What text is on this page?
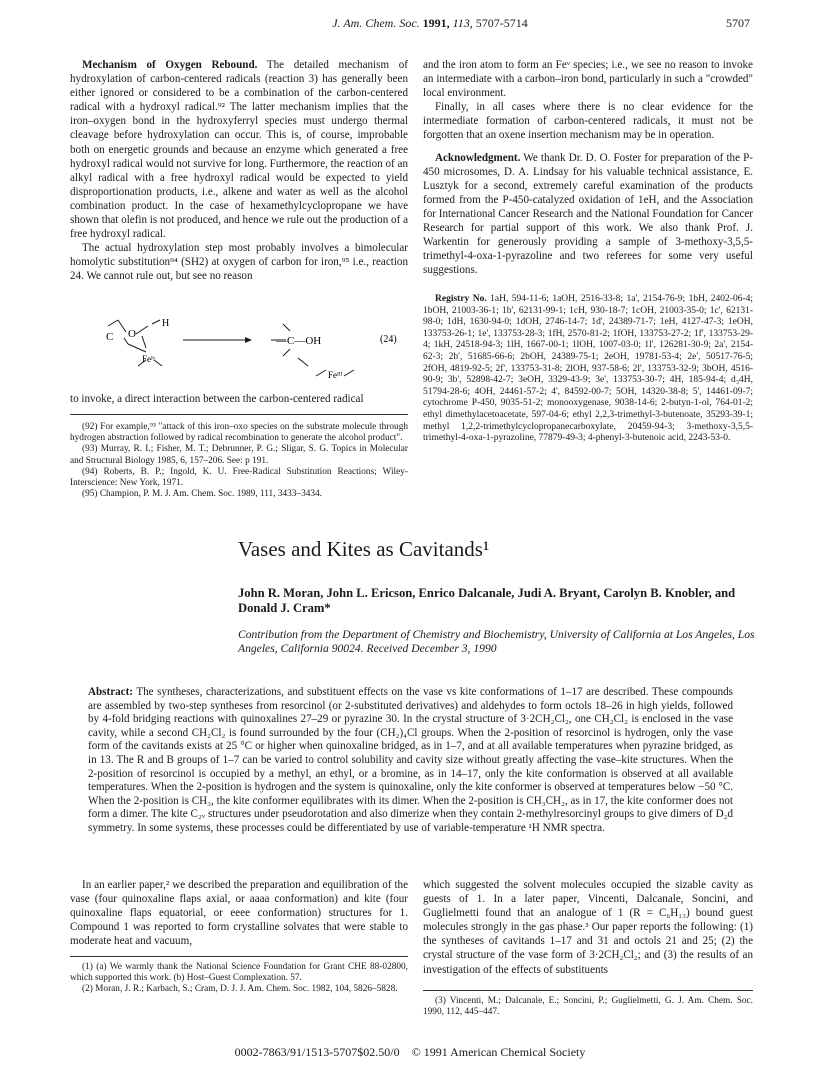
J. Am. Chem. Soc. 1991, 113, 5707-5714	5707

Mechanism of Oxygen Rebound. The detailed mechanism of hydroxylation of carbon-centered radicals (reaction 3) has generally been either ignored or considered to be a combination of the carbon-centered radical with a hydroxyl radical.⁹² The latter mechanism implies that the iron–oxygen bond in the hydroxyferryl species must undergo thermal cleavage before hydroxylation can occur. This is, of course, improbable both on energetic grounds and because an enzyme which generated a free hydroxyl radical would not survive for long. Furthermore, the reaction of an alkyl radical with a free hydroxyl radical would be expected to yield disproportionation products, i.e., alkene and water as well as the alcohol combination product. In the case of hexamethylcyclopropane we have shown that olefin is not produced, and hence we rule out the production of a free hydroxyl radical.

The actual hydroxylation step most probably involves a bimolecular homolytic substitution⁹⁴ (SH2) at oxygen of carbon for iron,⁹⁵ i.e., reaction 24. We cannot rule out, but see no reason

C O
H
Feᴵᵛ
—C—OH
Feᴵᴵᴵ
(24)

to invoke, a direct interaction between the carbon-centered radical

(92) For example,⁹³ "attack of this iron–oxo species on the substrate molecule through hydrogen abstraction followed by radical recombination to generate the alcohol product".

(93) Murray, R. I.; Fisher, M. T.; Debrunner, P. G.; Sligar, S. G. Topics in Molecular and Structural Biology 1985, 6, 157–206. See: p 191.

(94) Roberts, B. P.; Ingold, K. U. Free-Radical Substitution Reactions; Wiley-Interscience: New York, 1971.

(95) Champion, P. M. J. Am. Chem. Soc. 1989, 111, 3433–3434.

and the iron atom to form an Feᵛ species; i.e., we see no reason to invoke an intermediate with a carbon–iron bond, particularly in such a "crowded" local environment.

Finally, in all cases where there is no clear evidence for the intermediate formation of carbon-centered radicals, it must not be forgotten that an oxene insertion mechanism may be in operation.

Acknowledgment. We thank Dr. D. O. Foster for preparation of the P-450 microsomes, D. A. Lindsay for his valuable technical assistance, E. Lusztyk for a second, extremely careful examination of the products formed from the P-450-catalyzed oxidation of 1eH, and the Association for International Cancer Research and the National Foundation for Cancer Research for partial support of this work. We also thank Prof. J. Warkentin for generously providing a sample of 3-methoxy-3,5,5-trimethyl-4-oxa-1-pyrazoline and two referees for some very useful suggestions.

Registry No. 1aH, 594-11-6; 1aOH, 2516-33-8; 1a', 2154-76-9; 1bH, 2402-06-4; 1bOH, 21003-36-1; 1b', 62131-99-1; 1cH, 930-18-7; 1cOH, 21003-35-0; 1c', 62131-98-0; 1dH, 1630-94-0; 1dOH, 2746-14-7; 1d', 24389-71-7; 1eH, 4127-47-3; 1eOH, 133753-26-1; 1e', 133753-28-3; 1fH, 2570-81-2; 1fOH, 133753-27-2; 1f', 133753-29-4; 1kH, 24518-94-3; 1lH, 1667-00-1; 1lOH, 1007-03-0; 1l', 126281-30-9; 2a', 2154-62-3; 2b', 51685-66-6; 2bOH, 24389-75-1; 2eOH, 19781-53-4; 2e', 50517-76-5; 2fOH, 4819-92-5; 2f', 133753-31-8; 2lOH, 937-58-6; 2l', 133753-32-9; 3bOH, 4516-90-9; 3b', 52898-42-7; 3eOH, 3329-43-9; 3e', 133753-30-7; 4H, 185-94-4; d₃4H, 51794-28-6; 4OH, 24461-57-2; 4', 84592-00-7; 5OH, 14320-38-8; 5', 14461-09-7; cytochrome P-450, 9035-51-2; monooxygenase, 9038-14-6; 2-butyn-1-ol, 764-01-2; ethyl dimethylacetoacetate, 597-04-6; ethyl 2,2,3-trimethyl-3-butenoate, 35293-39-1; methyl 1,2,2-trimethylcyclopropanecarboxylate, 20459-94-3; 3-methoxy-3,5,5-trimethyl-4-oxa-1-pyrazoline, 77879-49-3; 4-phenyl-3-butenoic acid, 2243-53-0.

Vases and Kites as Cavitands¹
John R. Moran, John L. Ericson, Enrico Dalcanale, Judi A. Bryant, Carolyn B. Knobler, and Donald J. Cram*
Contribution from the Department of Chemistry and Biochemistry, University of California at Los Angeles, Los Angeles, California 90024. Received December 3, 1990
Abstract: The syntheses, characterizations, and substituent effects on the vase vs kite conformations of 1–17 are described. These compounds are assembled by two-step syntheses from resorcinol (or 2-substituted derivatives) and aldehydes to form octols 18–26 in high yields, followed by 4-fold bridging reactions with quinoxalines 27–29 or pyrazine 30. In the crystal structure of 3·2CH₂Cl₂, one CH₂Cl₂ is enclosed in the vase cavity, while a second CH₂Cl₂ is found surrounded by the four (CH₂)₄Cl groups. When the 2-position of resorcinol is hydrogen, only the vase form of the cavitands exists at 25 °C or higher when quinoxaline bridged, as in 1–7, and at all available temperatures when pyrazine bridged, as in 13. The R and B groups of 1–7 can be varied to control solubility and cavity size without greatly affecting the vase–kite structures. When the 2-position of resorcinol is occupied by a methyl, an ethyl, or a bromine, as in 14–17, only the kite conformation is observed at all available temperatures. When the 2-position is hydrogen and the system is quinoxaline, only the kite conformer is observed at temperatures below −50 °C. When the 2-position is CH₃, the kite conformer equilibrates with its dimer. When the 2-position is CH₃CH₂, as in 17, the kite conformer does not form a dimer. The kite C₂ᵥ structures under pseudorotation and also dimerize when they contain 2-methylresorcinyl groups to give dimers of D₂d symmetry. In some systems, these processes could be differentiated by use of variable-temperature ¹H NMR spectra.

In an earlier paper,² we described the preparation and equilibration of the vase (four quinoxaline flaps axial, or aaaa conformation) and kite (four quinoxaline flaps equatorial, or eeee conformation) structures for 1. Compound 1 was reported to form crystalline solvates that were stable to moderate heat and vacuum,

which suggested the solvent molecules occupied the sizable cavity as guests of 1. In a later paper, Vincenti, Dalcanale, Soncini, and Guglielmetti found that an analogue of 1 (R = C₆H₁₃) bound guest molecules strongly in the gas phase.³ Our paper reports the following: (1) the syntheses of cavitands 1–17 and 31 and octols 21 and 25; (2) the crystal structure of the vase form of 3·2CH₂Cl₂; and (3) the results of an investigation of the effects of substituents

(1) (a) We warmly thank the National Science Foundation for Grant CHE 88-02800, which supported this work. (b) Host–Guest Complexation. 57.

(2) Moran, J. R.; Karbach, S.; Cram, D. J. J. Am. Chem. Soc. 1982, 104, 5826–5828.

(3) Vincenti, M.; Dalcanale, E.; Soncini, P.; Guglielmetti, G. J. Am. Chem. Soc. 1990, 112, 445–447.

0002-7863/91/1513-5707$02.50/0 © 1991 American Chemical Society
